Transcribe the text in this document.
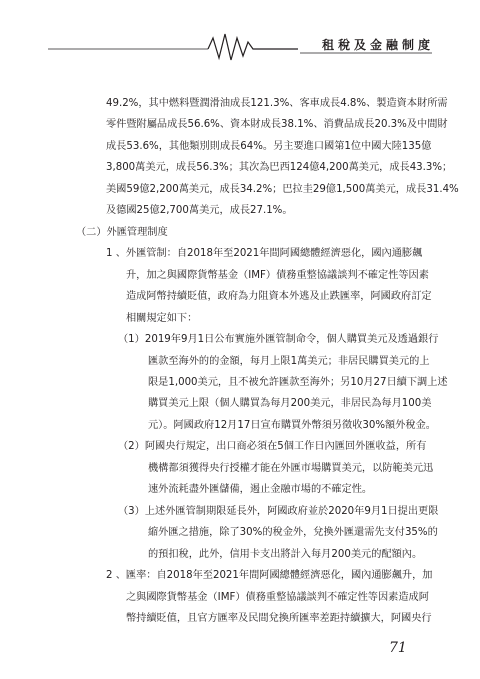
租稅及金融制度
49.2%，其中燃料暨潤滑油成長121.3%、客車成長4.8%、製造資本財所需
零件暨附屬品成長56.6%、資本財成長38.1%、消費品成長20.3%及中間財
成長53.6%，其他類別則成長64%。另主要進口國第1位中國大陸135億
3,800萬美元，成長56.3%；其次為巴西124億4,200萬美元，成長43.3%；
美國59億2,200萬美元，成長34.2%；巴拉圭29億1,500萬美元，成長31.4%
及德國25億2,700萬美元，成長27.1%。
（二）外匯管理制度
1 、外匯管制：自2018年至2021年間阿國總體經濟惡化，國內通膨飆
升，加之與國際貨幣基金（IMF）債務重整協議談判不確定性等因素
造成阿幣持續貶值，政府為力阻資本外逃及止跌匯率，阿國政府訂定
相關規定如下：
（1）2019年9月1日公布實施外匯管制命令，個人購買美元及透過銀行
匯款至海外的的金額，每月上限1萬美元；非居民購買美元的上
限是1,000美元，且不被允許匯款至海外；另10月27日續下調上述
購買美元上限（個人購買為每月200美元，非居民為每月100美
元）。阿國政府12月17日宣布購買外幣須另徵收30%額外稅金。
（2）阿國央行規定，出口商必須在5個工作日內匯回外匯收益，所有
機構都須獲得央行授權才能在外匯市場購買美元，以防範美元迅
速外流耗盡外匯儲備，遏止金融市場的不確定性。
（3）上述外匯管制期限延長外，阿國政府並於2020年9月1日提出更限
縮外匯之措施，除了30%的稅金外，兌換外匯還需先支付35%的
的預扣稅，此外，信用卡支出將計入每月200美元的配額內。
2 、匯率：自2018年至2021年間阿國總體經濟惡化，國內通膨飆升，加
之與國際貨幣基金（IMF）債務重整協議談判不確定性等因素造成阿
幣持續貶值，且官方匯率及民間兌換所匯率差距持續擴大，阿國央行
71
